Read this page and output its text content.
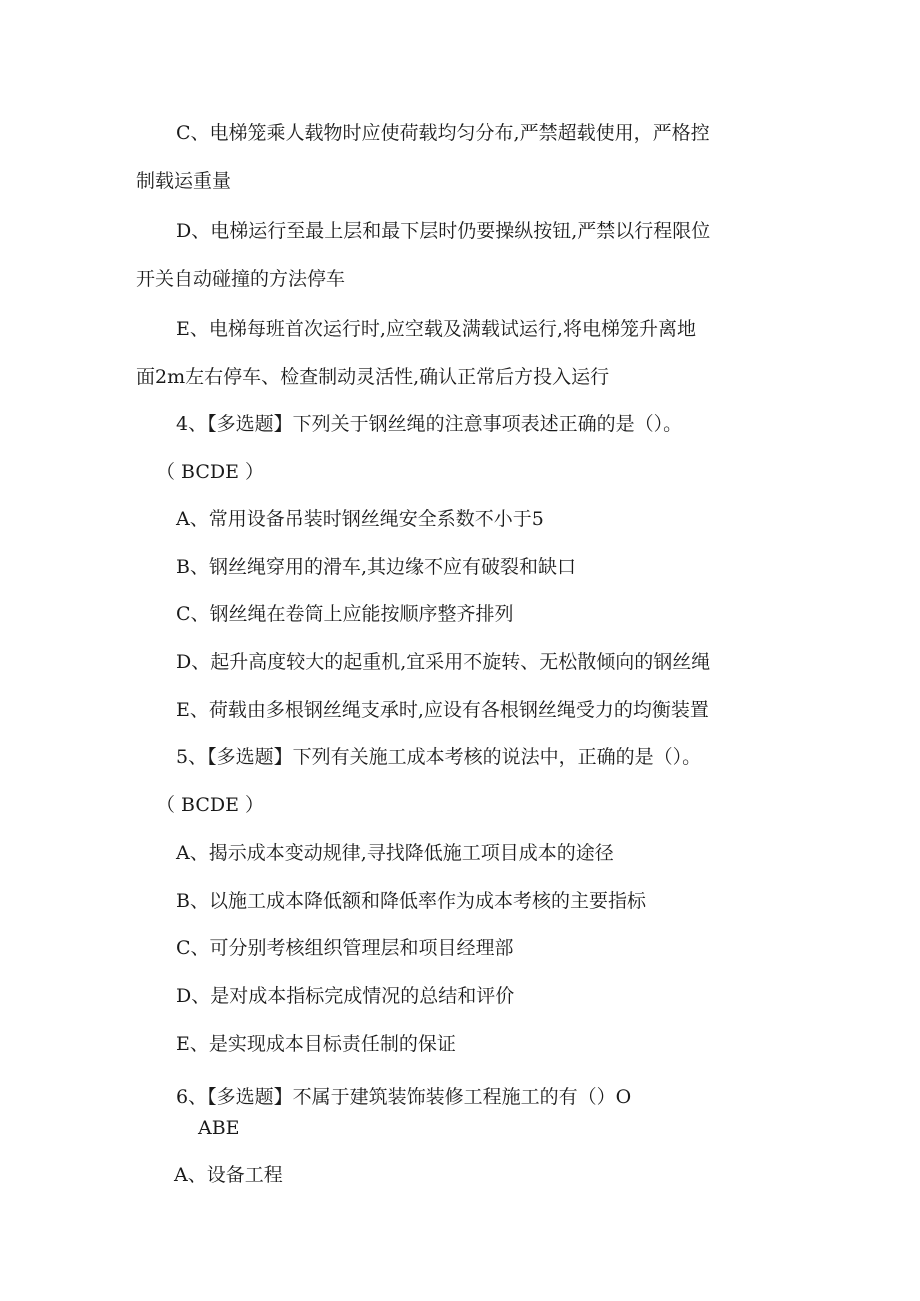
C、电梯笼乘人载物时应使荷载均匀分布,严禁超载使用，严格控
制载运重量
D、电梯运行至最上层和最下层时仍要操纵按钮,严禁以行程限位
开关自动碰撞的方法停车
E、电梯每班首次运行时,应空载及满载试运行,将电梯笼升离地
面2m左右停车、检查制动灵活性,确认正常后方投入运行
4、【多选题】下列关于钢丝绳的注意事项表述正确的是（）。
（ BCDE ）
A、常用设备吊装时钢丝绳安全系数不小于5
B、钢丝绳穿用的滑车,其边缘不应有破裂和缺口
C、钢丝绳在卷筒上应能按顺序整齐排列
D、起升高度较大的起重机,宜采用不旋转、无松散倾向的钢丝绳
E、荷载由多根钢丝绳支承时,应设有各根钢丝绳受力的均衡装置
5、【多选题】下列有关施工成本考核的说法中，正确的是（）。
（ BCDE ）
A、揭示成本变动规律,寻找降低施工项目成本的途径
B、以施工成本降低额和降低率作为成本考核的主要指标
C、可分别考核组织管理层和项目经理部
D、是对成本指标完成情况的总结和评价
E、是实现成本目标责任制的保证
6、【多选题】不属于建筑装饰装修工程施工的有（）O
ABE
A、设备工程
